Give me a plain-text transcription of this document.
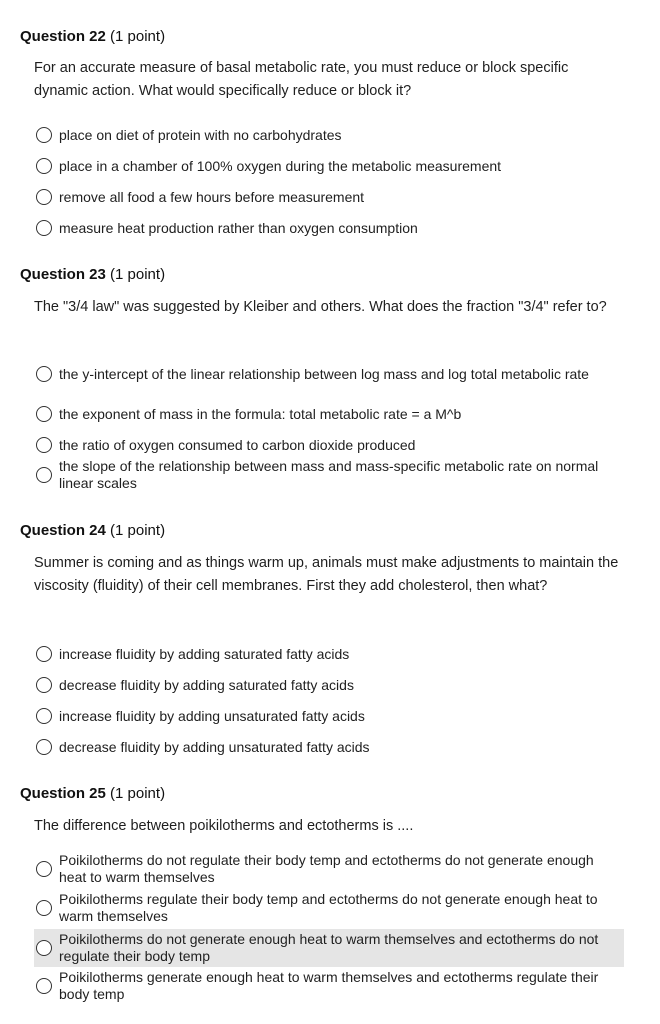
Question 22 (1 point)
For an accurate measure of basal metabolic rate, you must reduce or block specific dynamic action. What would specifically reduce or block it?
place on diet of protein with no carbohydrates
place in a chamber of 100% oxygen during the metabolic measurement
remove all food a few hours before measurement
measure heat production rather than oxygen consumption
Question 23 (1 point)
The "3/4 law" was suggested by Kleiber and others. What does the fraction "3/4" refer to?
the y-intercept of the linear relationship between log mass and log total metabolic rate
the exponent of mass in the formula: total metabolic rate = a M^b
the ratio of oxygen consumed to carbon dioxide produced
the slope of the relationship between mass and mass-specific metabolic rate on normal linear scales
Question 24 (1 point)
Summer is coming and as things warm up, animals must make adjustments to maintain the viscosity (fluidity) of their cell membranes. First they add cholesterol, then what?
increase fluidity by adding saturated fatty acids
decrease fluidity by adding saturated fatty acids
increase fluidity by adding unsaturated fatty acids
decrease fluidity by adding unsaturated fatty acids
Question 25 (1 point)
The difference between poikilotherms and ectotherms is ....
Poikilotherms do not regulate their body temp and ectotherms do not generate enough heat to warm themselves
Poikilotherms regulate their body temp and ectotherms do not generate enough heat to warm themselves
Poikilotherms do not generate enough heat to warm themselves and ectotherms do not regulate their body temp
Poikilotherms generate enough heat to warm themselves and ectotherms regulate their body temp
